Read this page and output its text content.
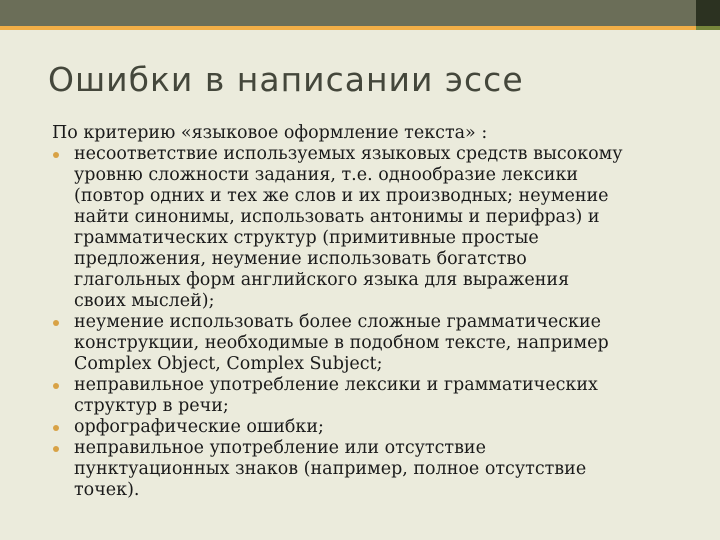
Ошибки в написании эссе
По критерию «языковое оформление текста» :
несоответствие используемых языковых средств высокому
уровню сложности задания, т.е. однообразие лексики
(повтор одних и тех же слов и их производных; неумение
найти синонимы, использовать антонимы и перифраз) и
грамматических структур (примитивные простые
предложения, неумение использовать богатство
глагольных форм английского языка для выражения
своих мыслей);
неумение использовать более сложные грамматические
конструкции, необходимые в подобном тексте, например
Complex Object, Complex Subject;
неправильное употребление лексики и грамматических
структур в речи;
орфографические ошибки;
неправильное употребление или отсутствие
пунктуационных знаков (например, полное отсутствие
точек).
